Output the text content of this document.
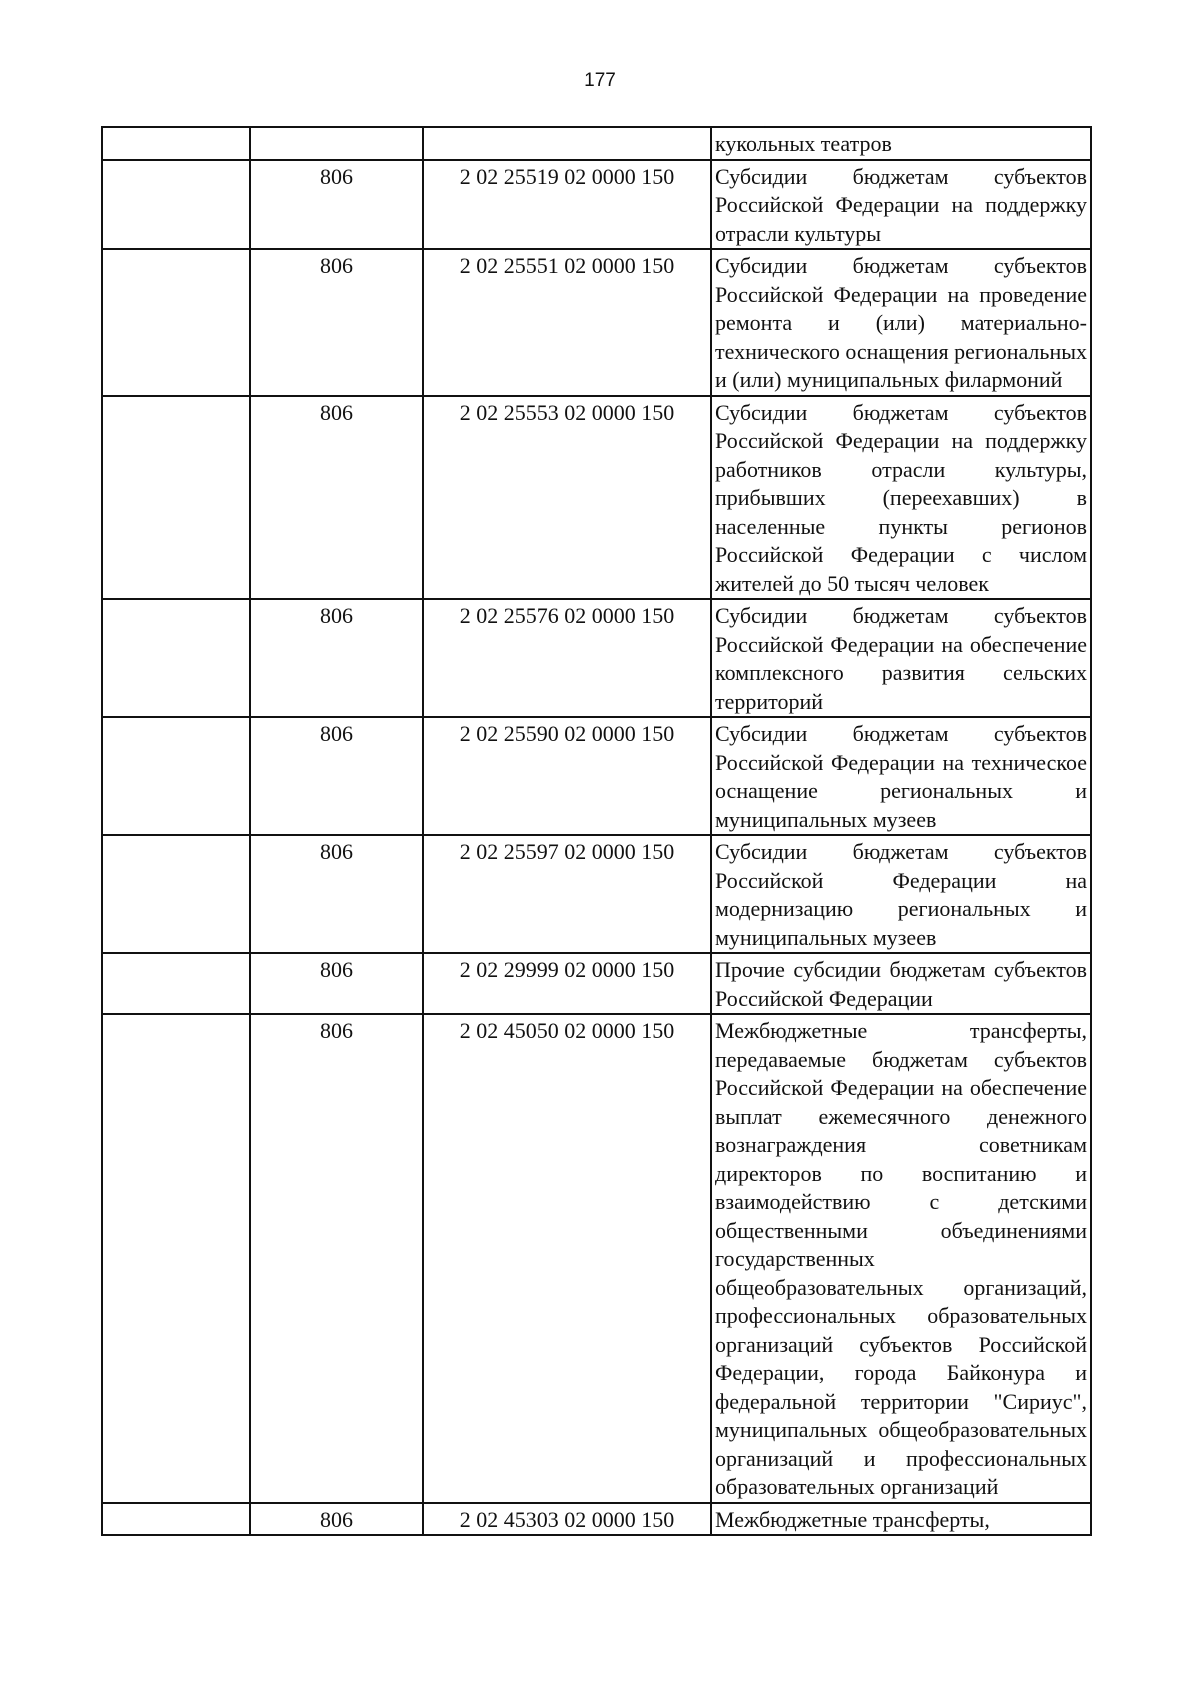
177
			кукольных театров
	806	2 02 25519 02 0000 150	Субсидии бюджетам субъектов Российской Федерации на поддержку отрасли культуры
	806	2 02 25551 02 0000 150	Субсидии бюджетам субъектов Российской Федерации на проведение ремонта и (или) материально-технического оснащения региональных и (или) муниципальных филармоний
	806	2 02 25553 02 0000 150	Субсидии бюджетам субъектов Российской Федерации на поддержку работников отрасли культуры, прибывших (переехавших) в населенные пункты регионов Российской Федерации с числом жителей до 50 тысяч человек
	806	2 02 25576 02 0000 150	Субсидии бюджетам субъектов Российской Федерации на обеспечение комплексного развития сельских территорий
	806	2 02 25590 02 0000 150	Субсидии бюджетам субъектов Российской Федерации на техническое оснащение региональных и муниципальных музеев
	806	2 02 25597 02 0000 150	Субсидии бюджетам субъектов Российской Федерации на модернизацию региональных и муниципальных музеев
	806	2 02 29999 02 0000 150	Прочие субсидии бюджетам субъектов Российской Федерации
	806	2 02 45050 02 0000 150	Межбюджетные трансферты, передаваемые бюджетам субъектов Российской Федерации на обеспечение выплат ежемесячного денежного вознаграждения советникам директоров по воспитанию и взаимодействию с детскими общественными объединениями государственных общеобразовательных организаций, профессиональных образовательных организаций субъектов Российской Федерации, города Байконура и федеральной территории "Сириус", муниципальных общеобразовательных организаций и профессиональных образовательных организаций
	806	2 02 45303 02 0000 150	Межбюджетные трансферты,
